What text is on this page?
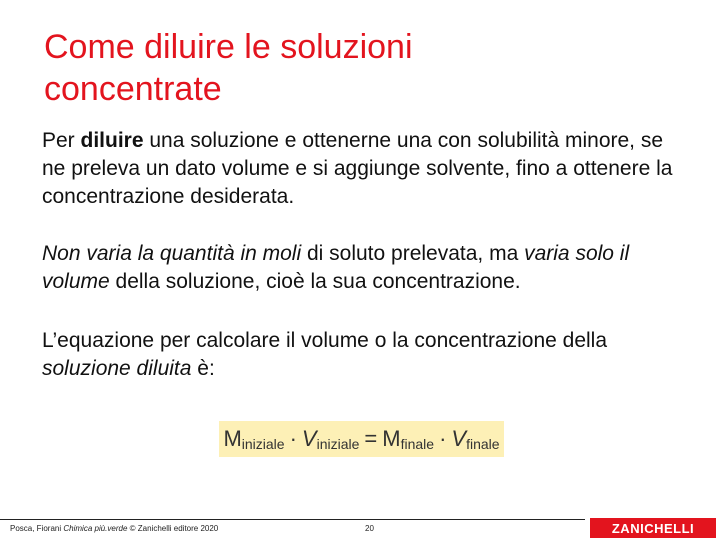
Come diluire le soluzioni
concentrate
Per diluire una soluzione e ottenerne una con solubilità minore, se ne preleva un dato volume e si aggiunge solvente, fino a ottenere la concentrazione desiderata.
Non varia la quantità in moli di soluto prelevata, ma varia solo il volume della soluzione, cioè la sua concentrazione.
L’equazione per calcolare il volume o la concentrazione della soluzione diluita è:
$M_{iniziale} \cdot V_{iniziale} = M_{finale} \cdot V_{finale}$
Posca, Fiorani Chimica più.verde © Zanichelli editore 2020	20	ZANICHELLI
